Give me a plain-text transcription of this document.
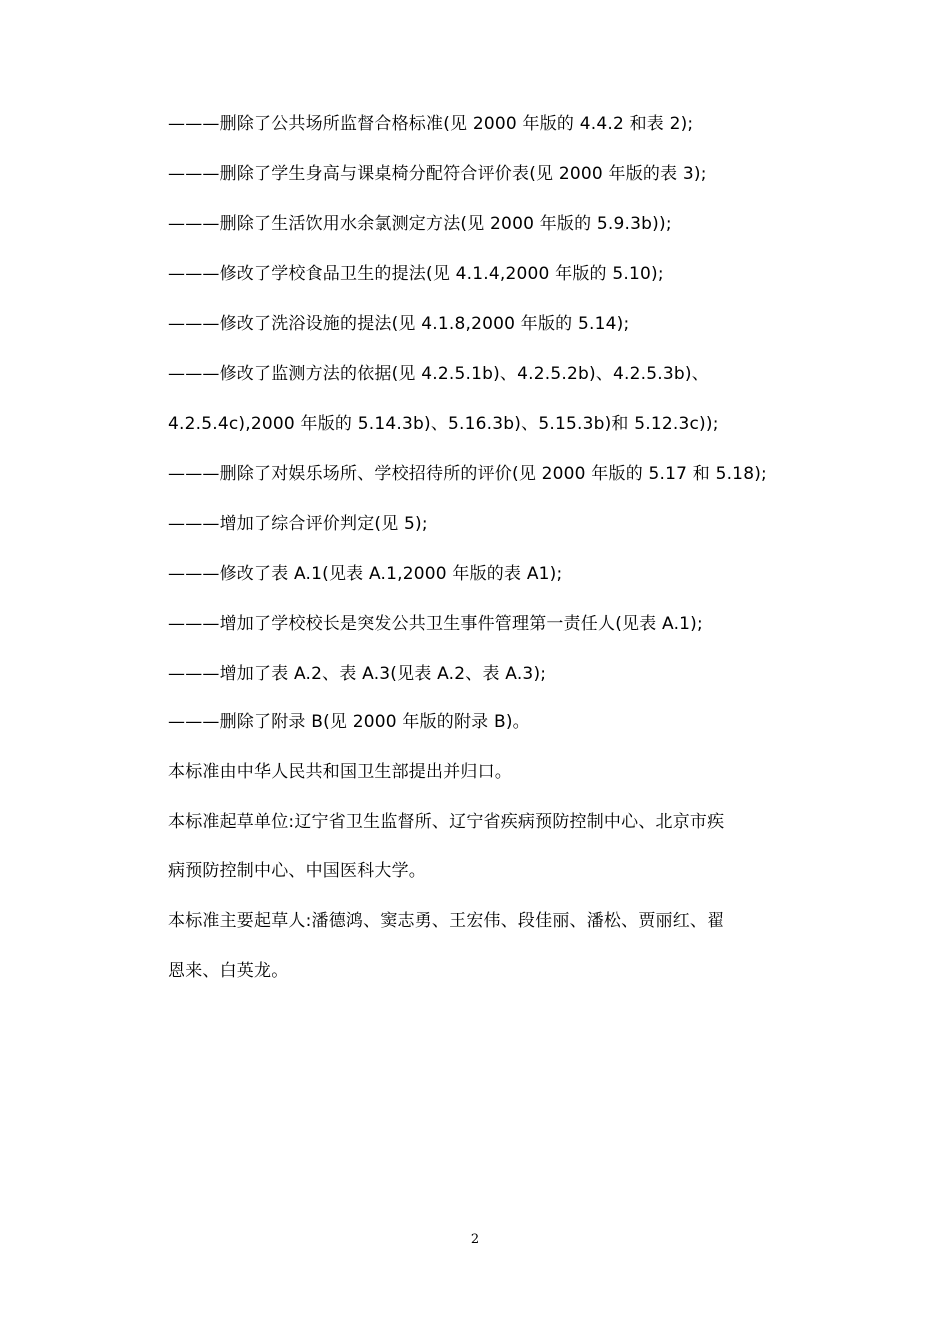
———删除了公共场所监督合格标准(见 2000 年版的 4.4.2 和表 2);
———删除了学生身高与课桌椅分配符合评价表(见 2000 年版的表 3);
———删除了生活饮用水余氯测定方法(见 2000 年版的 5.9.3b));
———修改了学校食品卫生的提法(见 4.1.4,2000 年版的 5.10);
———修改了洗浴设施的提法(见 4.1.8,2000 年版的 5.14);
———修改了监测方法的依据(见 4.2.5.1b)、4.2.5.2b)、4.2.5.3b)、
4.2.5.4c),2000 年版的 5.14.3b)、5.16.3b)、5.15.3b)和 5.12.3c));
———删除了对娱乐场所、学校招待所的评价(见 2000 年版的 5.17 和 5.18);
———增加了综合评价判定(见 5);
———修改了表 A.1(见表 A.1,2000 年版的表 A1);
———增加了学校校长是突发公共卫生事件管理第一责任人(见表 A.1);
———增加了表 A.2、表 A.3(见表 A.2、表 A.3);
———删除了附录 B(见 2000 年版的附录 B)。
本标准由中华人民共和国卫生部提出并归口。
本标准起草单位:辽宁省卫生监督所、辽宁省疾病预防控制中心、北京市疾
病预防控制中心、中国医科大学。
本标准主要起草人:潘德鸿、窦志勇、王宏伟、段佳丽、潘松、贾丽红、翟
恩来、白英龙。
2
